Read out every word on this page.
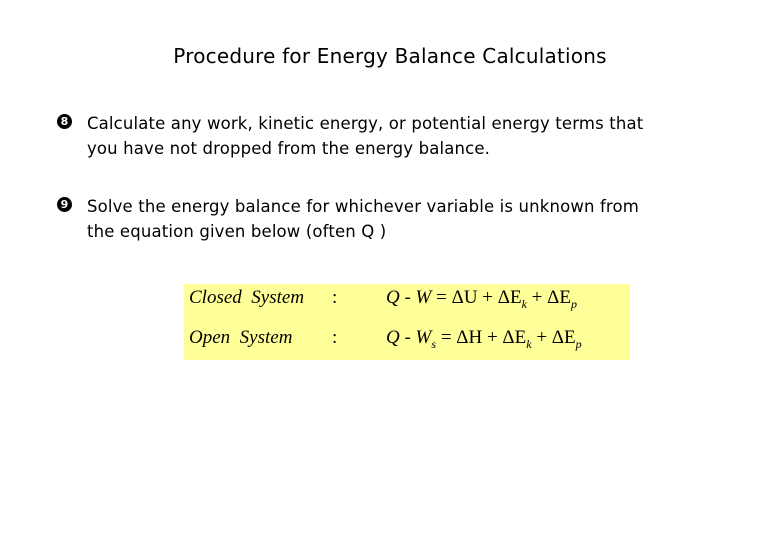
Procedure for Energy Balance Calculations
8 Calculate any work, kinetic energy, or potential energy terms that
you have not dropped from the energy balance.
9 Solve the energy balance for whichever variable is unknown from
the equation given below (often Q )
Closed  System :	$Q - W = \Delta U + \Delta E_k + \Delta E_p$
Open  System :	$Q - W_s = \Delta H + \Delta E_k + \Delta E_p$
